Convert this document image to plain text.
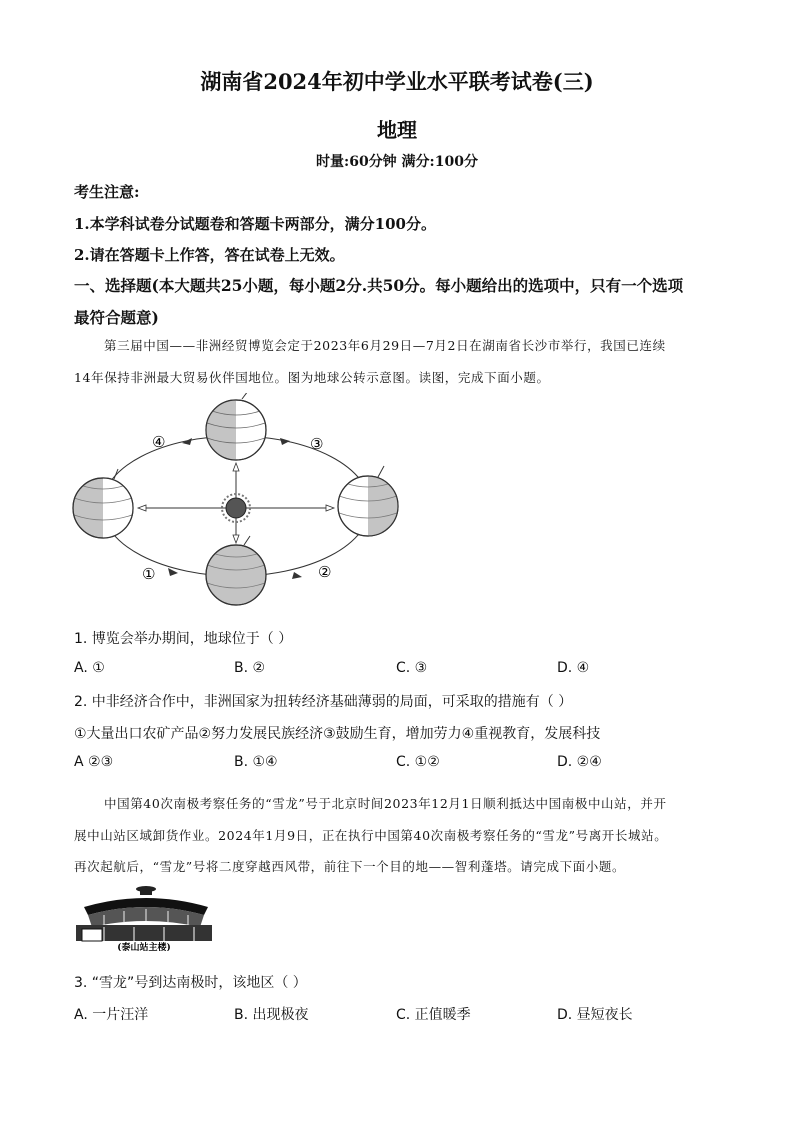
湖南省2024年初中学业水平联考试卷(三)
地理
时量:60分钟 满分:100分
考生注意:
1.本学科试卷分试题卷和答题卡两部分，满分100分。
2.请在答题卡上作答，答在试卷上无效。
一、选择题(本大题共25小题，每小题2分.共50分。每小题给出的选项中，只有一个选项
最符合题意)
第三届中国——非洲经贸博览会定于2023年6月29日—7月2日在湖南省长沙市举行，我国已连续
14年保持非洲最大贸易伙伴国地位。图为地球公转示意图。读图，完成下面小题。
④	③
①	②
1. 博览会举办期间，地球位于（ ）
A. ①	B. ②	C. ③	D. ④
2. 中非经济合作中，非洲国家为扭转经济基础薄弱的局面，可采取的措施有（ ）
①大量出口农矿产品②努力发展民族经济③鼓励生育，增加劳力④重视教育，发展科技
A ②③	B. ①④	C. ①②	D. ②④
中国第40次南极考察任务的“雪龙”号于北京时间2023年12月1日顺利抵达中国南极中山站，并开
展中山站区域卸货作业。2024年1月9日，正在执行中国第40次南极考察任务的“雪龙”号离开长城站。
再次起航后，“雪龙”号将二度穿越西风带，前往下一个目的地——智利蓬塔。请完成下面小题。
(泰山站主楼)
3. “雪龙”号到达南极时，该地区（ ）
A. 一片汪洋	B. 出现极夜	C. 正值暖季	D. 昼短夜长
